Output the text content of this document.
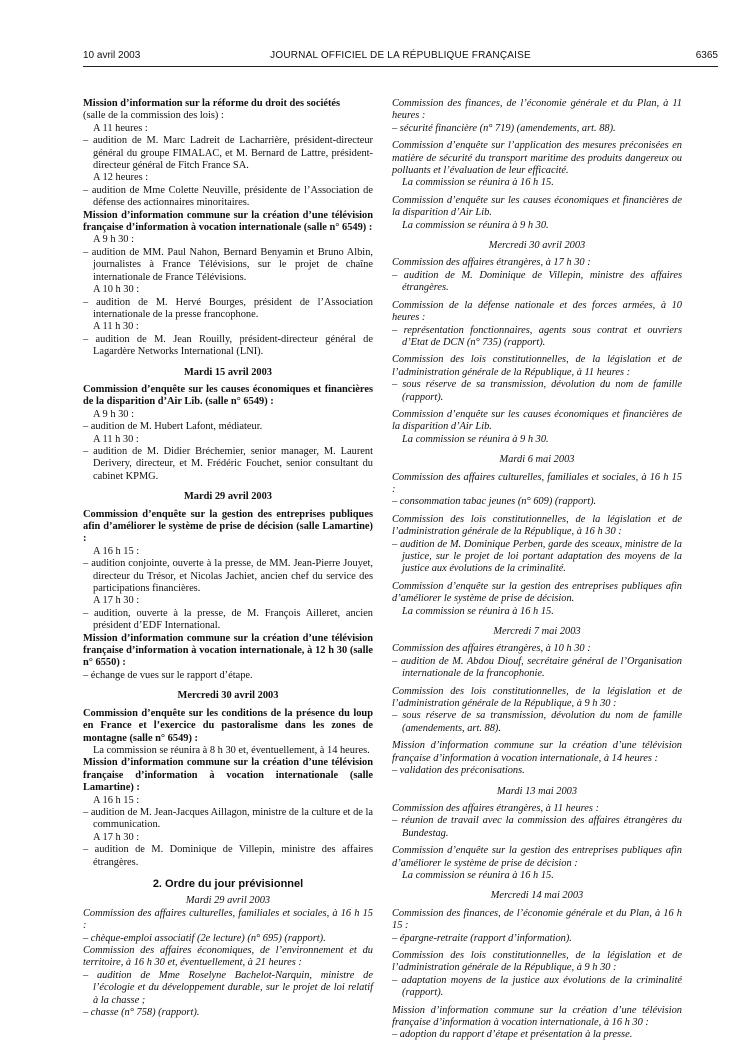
10 avril 2003	JOURNAL OFFICIEL DE LA RÉPUBLIQUE FRANÇAISE	6365

Mission d’information sur la réforme du droit des sociétés

(salle de la commission des lois) :

A 11 heures :

– audition de M. Marc Ladreit de Lacharrière, président-directeur général du groupe FIMALAC, et M. Bernard de Lattre, président-directeur général de Fitch France SA.

A 12 heures :

– audition de Mme Colette Neuville, présidente de l’Association de défense des actionnaires minoritaires.

Mission d’information commune sur la création d’une télévision française d’information à vocation internationale (salle n° 6549) :

A 9 h 30 :

– audition de MM. Paul Nahon, Bernard Benyamin et Bruno Albin, journalistes à France Télévisions, sur le projet de chaîne internationale de France Télévisions.

A 10 h 30 :

– audition de M. Hervé Bourges, président de l’Association internationale de la presse francophone.

A 11 h 30 :

– audition de M. Jean Rouilly, président-directeur général de Lagardère Networks International (LNI).

Mardi 15 avril 2003

Commission d’enquête sur les causes économiques et financières de la disparition d’Air Lib. (salle n° 6549) :

A 9 h 30 :

– audition de M. Hubert Lafont, médiateur.

A 11 h 30 :

– audition de M. Didier Bréchemier, senior manager, M. Laurent Derivery, directeur, et M. Frédéric Fouchet, senior consultant du cabinet KPMG.

Mardi 29 avril 2003

Commission d’enquête sur la gestion des entreprises publiques afin d’améliorer le système de prise de décision (salle Lamartine) :

A 16 h 15 :

– audition conjointe, ouverte à la presse, de MM. Jean-Pierre Jouyet, directeur du Trésor, et Nicolas Jachiet, ancien chef du service des participations financières.

A 17 h 30 :

– audition, ouverte à la presse, de M. François Ailleret, ancien président d’EDF International.

Mission d’information commune sur la création d’une télévision française d’information à vocation internationale, à 12 h 30 (salle n° 6550) :

– échange de vues sur le rapport d’étape.

Mercredi 30 avril 2003

Commission d’enquête sur les conditions de la présence du loup en France et l’exercice du pastoralisme dans les zones de montagne (salle n° 6549) :

La commission se réunira à 8 h 30 et, éventuellement, à 14 heures.

Mission d’information commune sur la création d’une télévision française d’information à vocation internationale (salle Lamartine) :

A 16 h 15 :

– audition de M. Jean-Jacques Aillagon, ministre de la culture et de la communication.

A 17 h 30 :

– audition de M. Dominique de Villepin, ministre des affaires étrangères.

2. Ordre du jour prévisionnel

Mardi 29 avril 2003

Commission des affaires culturelles, familiales et sociales, à 16 h 15 :

– chèque-emploi associatif (2e lecture) (n° 695) (rapport).

Commission des affaires économiques, de l’environnement et du territoire, à 16 h 30 et, éventuellement, à 21 heures :

– audition de Mme Roselyne Bachelot-Narquin, ministre de l’écologie et du développement durable, sur le projet de loi relatif à la chasse ;

– chasse (n° 758) (rapport).

Commission des finances, de l’économie générale et du Plan, à 11 heures :

– sécurité financière (n° 719) (amendements, art. 88).

Commission d’enquête sur l’application des mesures préconisées en matière de sécurité du transport maritime des produits dangereux ou polluants et l’évaluation de leur efficacité.

La commission se réunira à 16 h 15.

Commission d’enquête sur les causes économiques et financières de la disparition d’Air Lib.

La commission se réunira à 9 h 30.

Mercredi 30 avril 2003

Commission des affaires étrangères, à 17 h 30 :

– audition de M. Dominique de Villepin, ministre des affaires étrangères.

Commission de la défense nationale et des forces armées, à 10 heures :

– représentation fonctionnaires, agents sous contrat et ouvriers d’Etat de DCN (n° 735) (rapport).

Commission des lois constitutionnelles, de la législation et de l’administration générale de la République, à 11 heures :

– sous réserve de sa transmission, dévolution du nom de famille (rapport).

Commission d’enquête sur les causes économiques et financières de la disparition d’Air Lib.

La commission se réunira à 9 h 30.

Mardi 6 mai 2003

Commission des affaires culturelles, familiales et sociales, à 16 h 15 :

– consommation tabac jeunes (n° 609) (rapport).

Commission des lois constitutionnelles, de la législation et de l’administration générale de la République, à 16 h 30 :

– audition de M. Dominique Perben, garde des sceaux, ministre de la justice, sur le projet de loi portant adaptation des moyens de la justice aux évolutions de la criminalité.

Commission d’enquête sur la gestion des entreprises publiques afin d’améliorer le système de prise de décision.

La commission se réunira à 16 h 15.

Mercredi 7 mai 2003

Commission des affaires étrangères, à 10 h 30 :

– audition de M. Abdou Diouf, secrétaire général de l’Organisation internationale de la francophonie.

Commission des lois constitutionnelles, de la législation et de l’administration générale de la République, à 9 h 30 :

– sous réserve de sa transmission, dévolution du nom de famille (amendements, art. 88).

Mission d’information commune sur la création d’une télévision française d’information à vocation internationale, à 14 heures :

– validation des préconisations.

Mardi 13 mai 2003

Commission des affaires étrangères, à 11 heures :

– réunion de travail avec la commission des affaires étrangères du Bundestag.

Commission d’enquête sur la gestion des entreprises publiques afin d’améliorer le système de prise de décision :

La commission se réunira à 16 h 15.

Mercredi 14 mai 2003

Commission des finances, de l’économie générale et du Plan, à 16 h 15 :

– épargne-retraite (rapport d’information).

Commission des lois constitutionnelles, de la législation et de l’administration générale de la République, à 9 h 30 :

– adaptation moyens de la justice aux évolutions de la criminalité (rapport).

Mission d’information commune sur la création d’une télévision française d’information à vocation internationale, à 16 h 30 :

– adoption du rapport d’étape et présentation à la presse.
